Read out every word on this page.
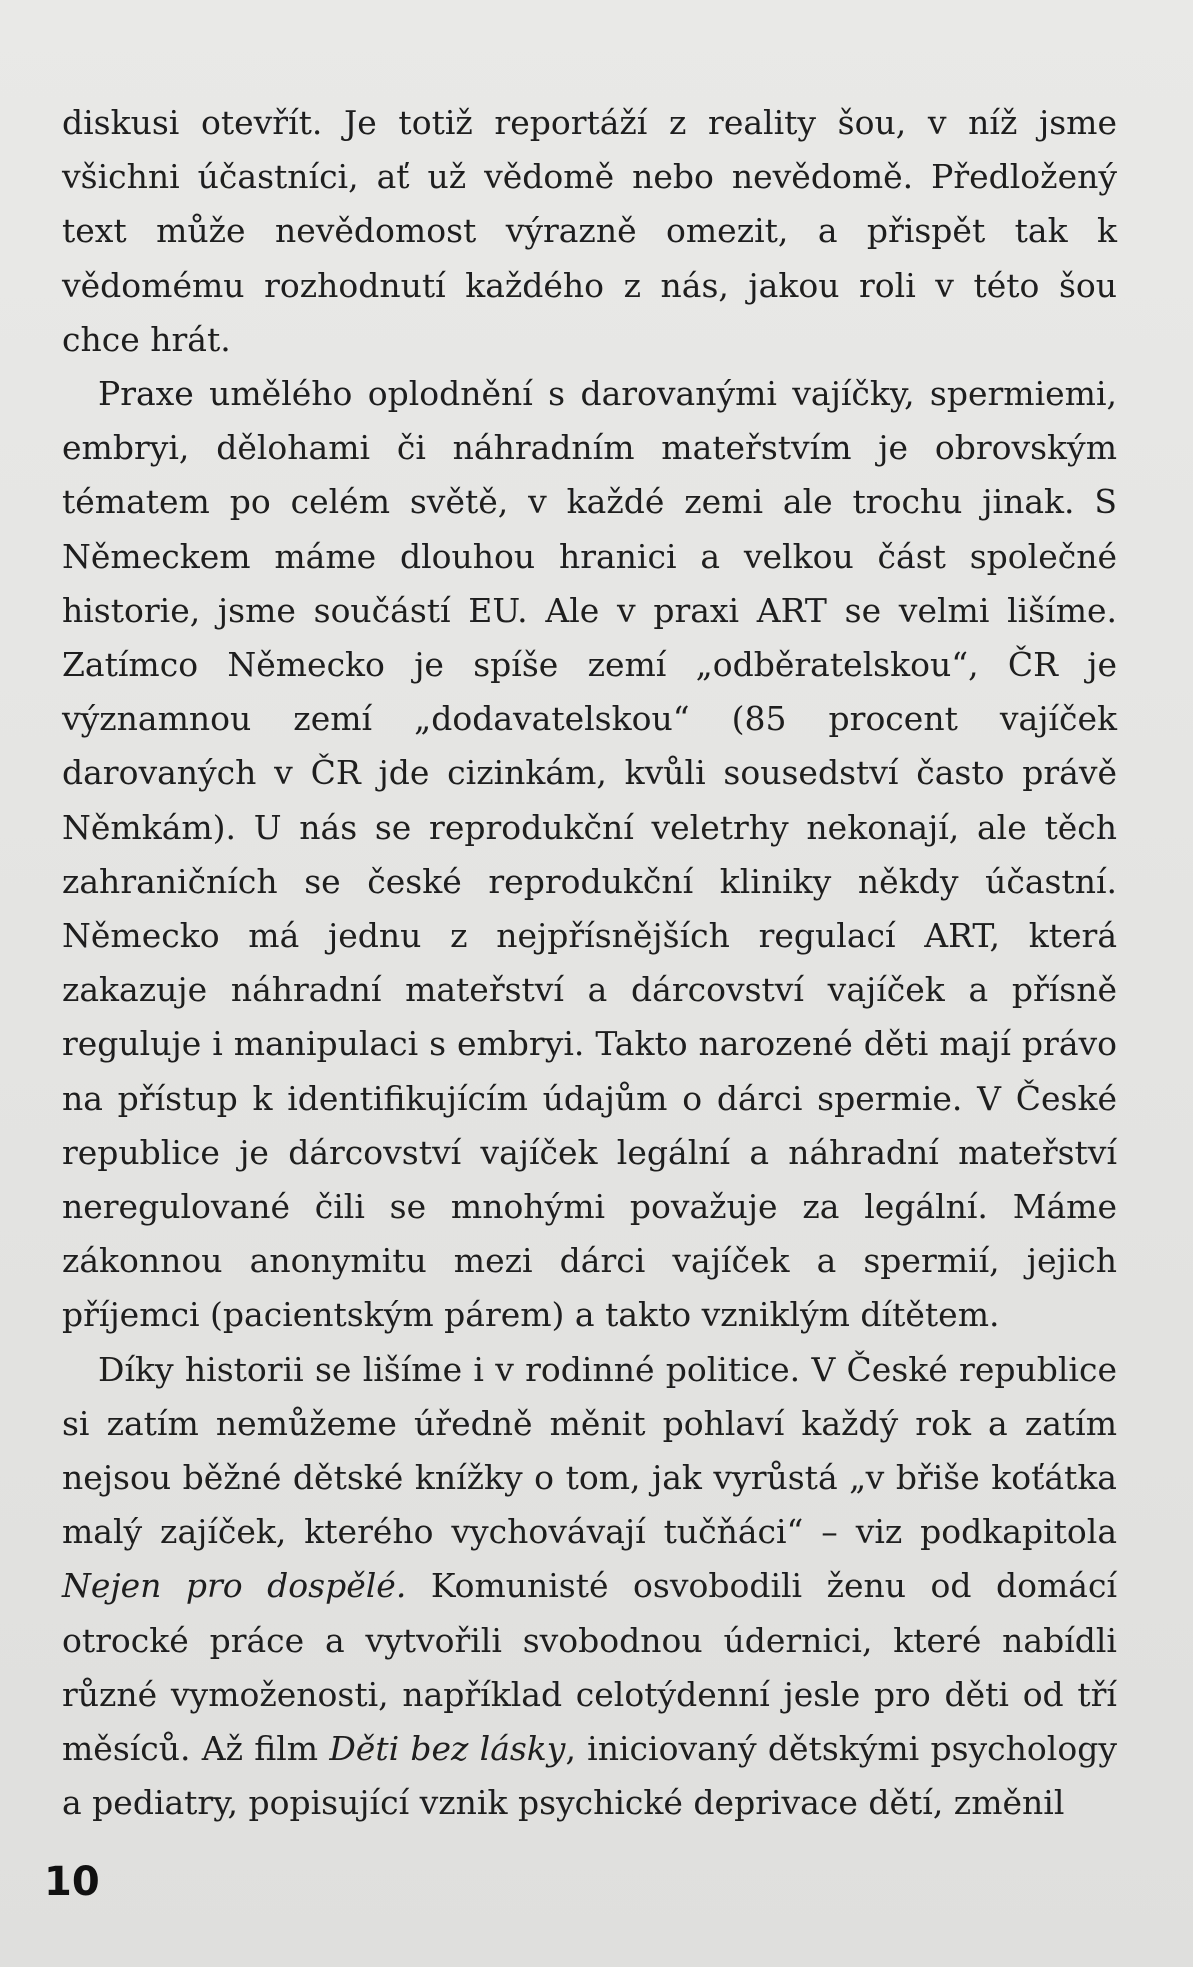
diskusi otevřít. Je totiž reportáží z reality šou, v níž jsme všichni účastníci, ať už vědomě nebo nevědomě. Předložený text může nevědomost výrazně omezit, a přispět tak k vědomému rozhodnutí každého z nás, jakou roli v této šou chce hrát.

Praxe umělého oplodnění s darovanými vajíčky, spermiemi, embryi, dělohami či náhradním mateřstvím je obrovským tématem po celém světě, v každé zemi ale trochu jinak. S Německem máme dlouhou hranici a velkou část společné historie, jsme součástí EU. Ale v praxi ART se velmi lišíme. Zatímco Německo je spíše zemí „odběratelskou“, ČR je významnou zemí „dodavatelskou“ (85 procent vajíček darovaných v ČR jde cizinkám, kvůli sousedství často právě Němkám). U nás se reprodukční veletrhy nekonají, ale těch zahraničních se české reprodukční kliniky někdy účastní. Německo má jednu z nejpřísnějších regulací ART, která zakazuje náhradní mateřství a dárcovství vajíček a přísně reguluje i manipulaci s embryi. Takto narozené děti mají právo na přístup k identifikujícím údajům o dárci spermie. V České republice je dárcovství vajíček legální a náhradní mateřství neregulované čili se mnohými považuje za legální. Máme zákonnou anonymitu mezi dárci vajíček a spermií, jejich příjemci (pacientským párem) a takto vzniklým dítětem.

Díky historii se lišíme i v rodinné politice. V České republice si zatím nemůžeme úředně měnit pohlaví každý rok a zatím nejsou běžné dětské knížky o tom, jak vyrůstá „v břiše koťátka malý zajíček, kterého vychovávají tučňáci“ – viz podkapitola Nejen pro dospělé. Komunisté osvobodili ženu od domácí otrocké práce a vytvořili svobodnou údernici, které nabídli různé vymoženosti, například celotýdenní jesle pro děti od tří měsíců. Až film Děti bez lásky, iniciovaný dětskými psychology a pediatry, popisující vznik psychické deprivace dětí, změnil

10
